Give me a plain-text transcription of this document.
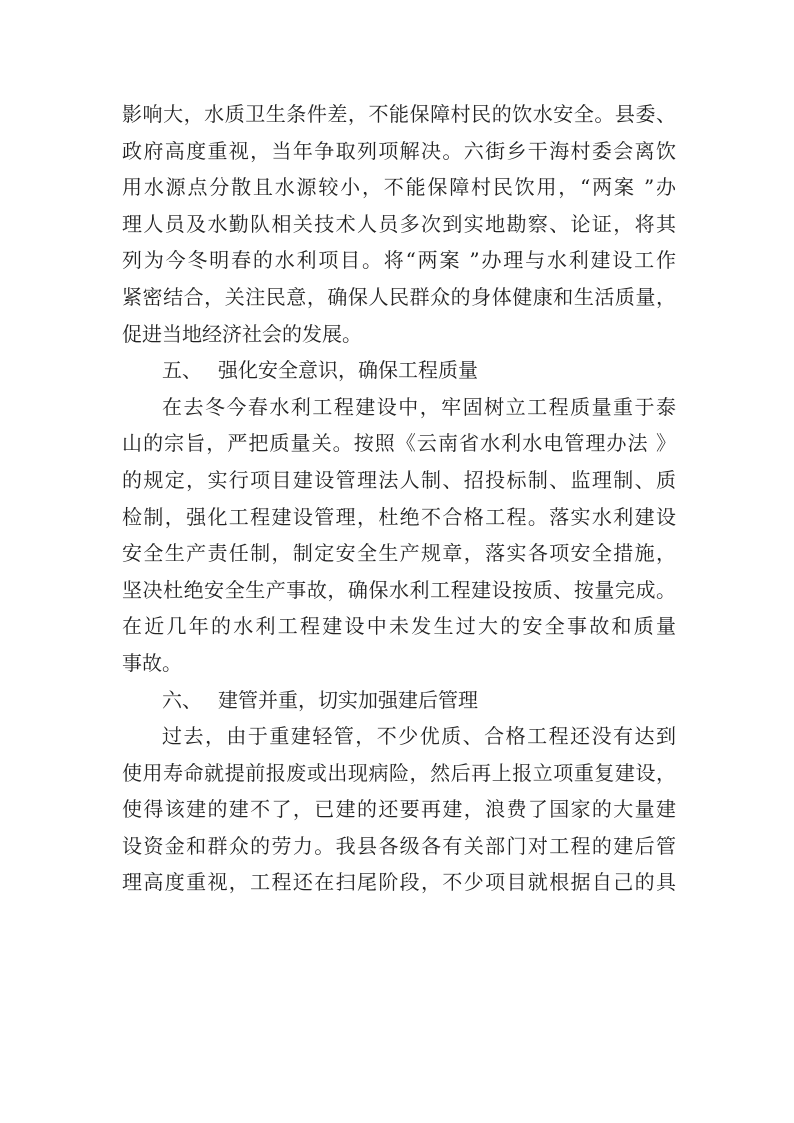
影响大，水质卫生条件差，不能保障村民的饮水安全。县委、
政府高度重视，当年争取列项解决。六街乡干海村委会离饮
用水源点分散且水源较小，不能保障村民饮用，“两案 ”办
理人员及水勤队相关技术人员多次到实地勘察、论证，将其
列为今冬明春的水利项目。将“两案 ”办理与水利建设工作
紧密结合，关注民意，确保人民群众的身体健康和生活质量，
促进当地经济社会的发展。
五、 强化安全意识，确保工程质量
在去冬今春水利工程建设中，牢固树立工程质量重于泰
山的宗旨，严把质量关。按照《云南省水利水电管理办法 》
的规定，实行项目建设管理法人制、招投标制、监理制、质
检制，强化工程建设管理，杜绝不合格工程。落实水利建设
安全生产责任制，制定安全生产规章，落实各项安全措施，
坚决杜绝安全生产事故，确保水利工程建设按质、按量完成。
在近几年的水利工程建设中未发生过大的安全事故和质量
事故。
六、 建管并重，切实加强建后管理
过去，由于重建轻管，不少优质、合格工程还没有达到
使用寿命就提前报废或出现病险，然后再上报立项重复建设，
使得该建的建不了，已建的还要再建，浪费了国家的大量建
设资金和群众的劳力。我县各级各有关部门对工程的建后管
理高度重视，工程还在扫尾阶段，不少项目就根据自己的具
